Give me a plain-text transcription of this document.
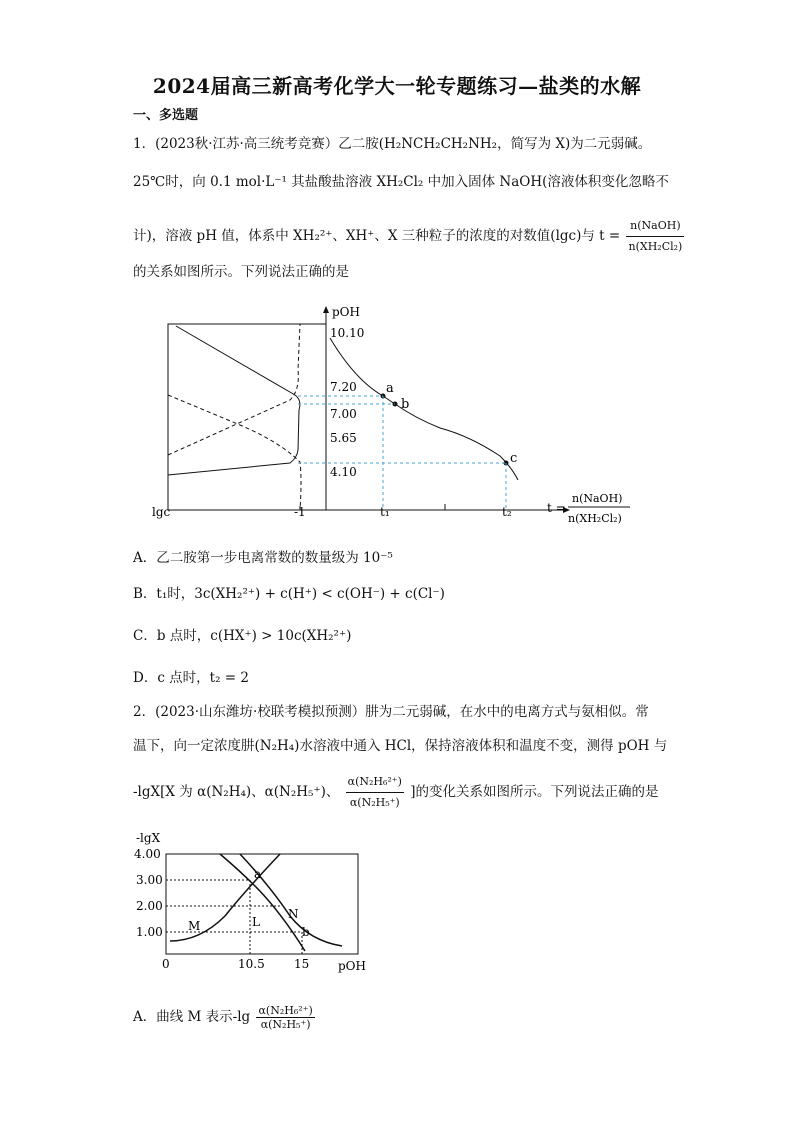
2024届高三新高考化学大一轮专题练习—盐类的水解
一、多选题
1．(2023秋·江苏·高三统考竞赛）乙二胺(H₂NCH₂CH₂NH₂，简写为 X)为二元弱碱。
25℃时，向 0.1 mol·L⁻¹ 其盐酸盐溶液 XH₂Cl₂ 中加入固体 NaOH(溶液体积变化忽略不
计)，溶液 pH 值，体系中 XH₂²⁺、XH⁺、X 三种粒子的浓度的对数值(lgc)与 $t = \frac{\text{n(NaOH)}}{\text{n(XH₂Cl₂)}}$
的关系如图所示。下列说法正确的是
pOH
10.10
7.20
7.00
5.65
4.10
a
b
c
lgc	-1	t₁	t₂	t =
n(NaOH)
n(XH₂Cl₂)
A．乙二胺第一步电离常数的数量级为 10⁻⁵
B．t₁时，3c(XH₂²⁺) + c(H⁺) < c(OH⁻) + c(Cl⁻)
C．b 点时，c(HX⁺) > 10c(XH₂²⁺)
D．c 点时，t₂ = 2
2．(2023·山东潍坊·校联考模拟预测）肼为二元弱碱，在水中的电离方式与氨相似。常
温下，向一定浓度肼(N₂H₄)水溶液中通入 HCl，保持溶液体积和温度不变，测得 pOH 与
-lgX[X 为 α(N₂H₄)、α(N₂H₅⁺)、 $\frac{\text{α(N₂H₆²⁺)}}{\text{α(N₂H₅⁺)}}$ ]的变化关系如图所示。下列说法正确的是
-lgX
4.00
3.00
2.00
1.00 M	L
N
a
b
0	10.5 15 pOH
A．曲线 M 表示$-\lg \frac{\text{α(N₂H₆²⁺)}}{\text{α(N₂H₅⁺)}}$
